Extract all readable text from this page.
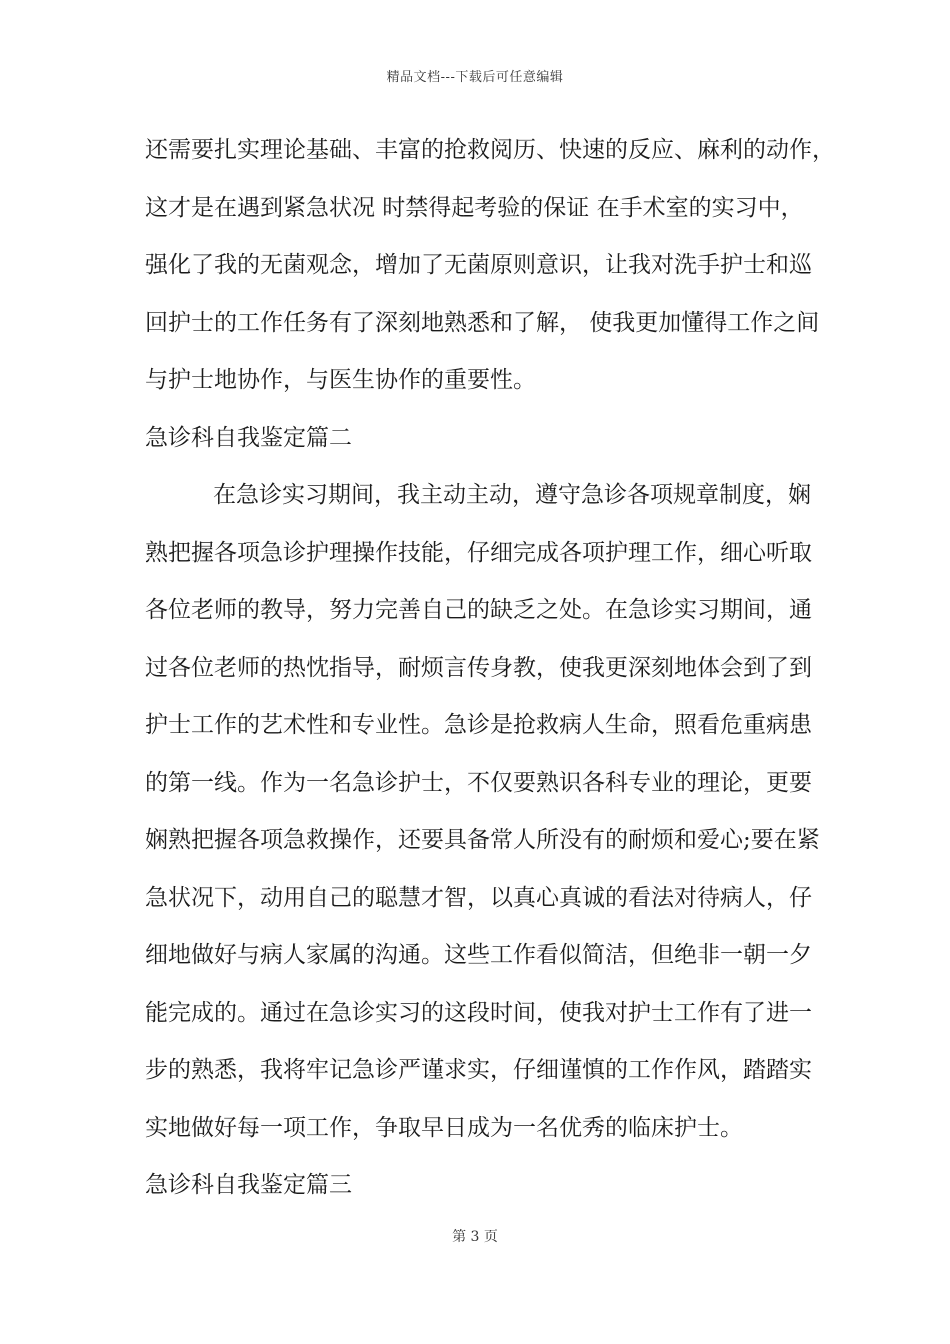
精品文档---下载后可任意编辑
还需要扎实理论基础、丰富的抢救阅历、快速的反应、麻利的动作，
这才是在遇到紧急状况 时禁得起考验的保证 在手术室的实习中，
强化了我的无菌观念，增加了无菌原则意识，让我对洗手护士和巡
回护士的工作任务有了深刻地熟悉和了解， 使我更加懂得工作之间
与护士地协作，与医生协作的重要性。
急诊科自我鉴定篇二
在急诊实习期间，我主动主动，遵守急诊各项规章制度，娴
熟把握各项急诊护理操作技能，仔细完成各项护理工作，细心听取
各位老师的教导，努力完善自己的缺乏之处。在急诊实习期间，通
过各位老师的热忱指导，耐烦言传身教，使我更深刻地体会到了到
护士工作的艺术性和专业性。急诊是抢救病人生命，照看危重病患
的第一线。作为一名急诊护士，不仅要熟识各科专业的理论，更要
娴熟把握各项急救操作，还要具备常人所没有的耐烦和爱心;要在紧
急状况下，动用自己的聪慧才智，以真心真诚的看法对待病人，仔
细地做好与病人家属的沟通。这些工作看似简洁，但绝非一朝一夕
能完成的。通过在急诊实习的这段时间，使我对护士工作有了进一
步的熟悉，我将牢记急诊严谨求实，仔细谨慎的工作作风，踏踏实
实地做好每一项工作，争取早日成为一名优秀的临床护士。
急诊科自我鉴定篇三
第 3 页
